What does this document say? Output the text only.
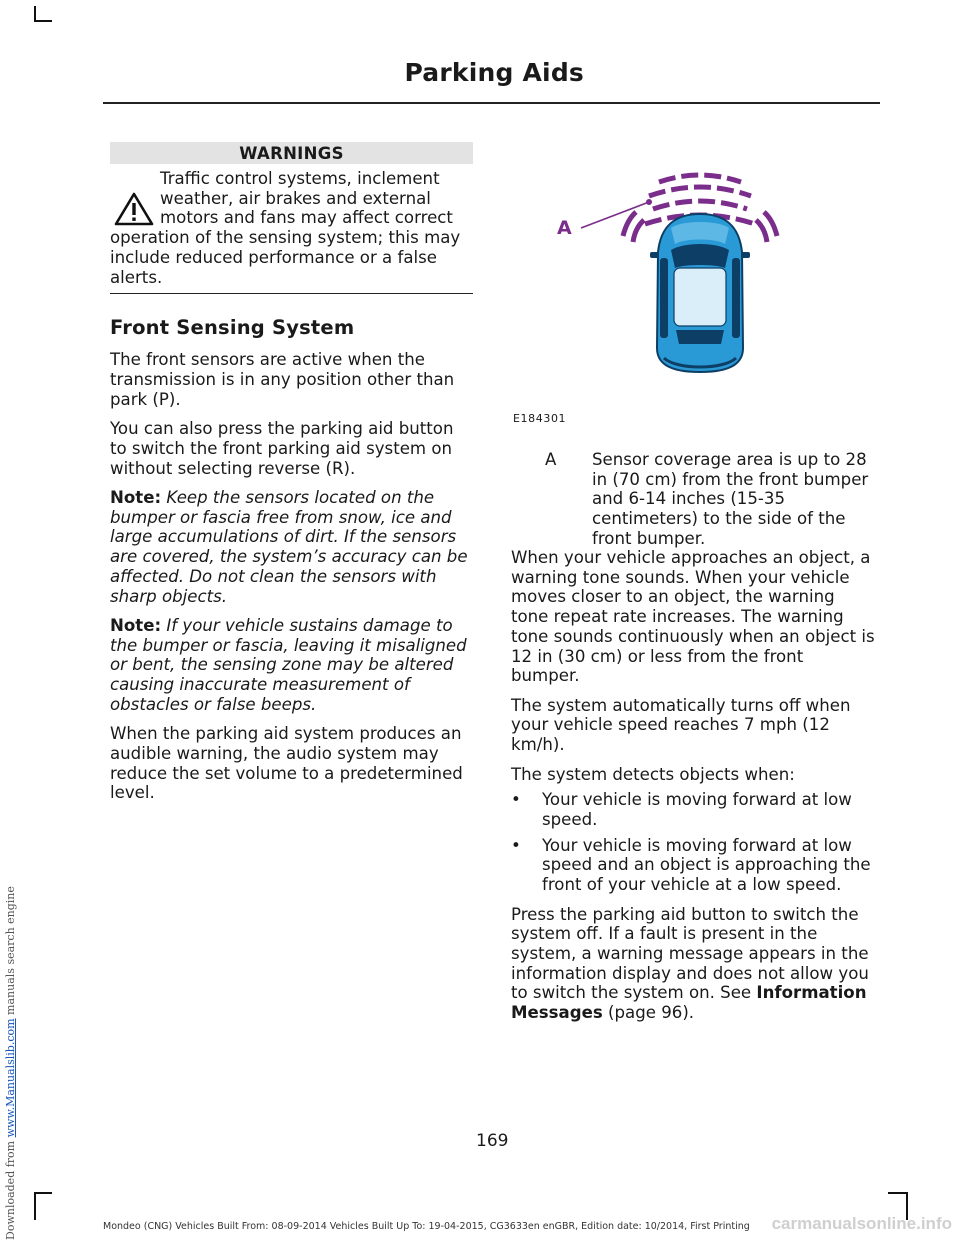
Parking Aids
WARNINGS
Traffic control systems, inclement weather, air brakes and external motors and fans may affect correct operation of the sensing system; this may include reduced performance or a false alerts.
Front Sensing System

The front sensors are active when the transmission is in any position other than park (P).

You can also press the parking aid button to switch the front parking aid system on without selecting reverse (R).

Note: Keep the sensors located on the bumper or fascia free from snow, ice and large accumulations of dirt. If the sensors are covered, the system’s accuracy can be affected. Do not clean the sensors with sharp objects.

Note: If your vehicle sustains damage to the bumper or fascia, leaving it misaligned or bent, the sensing zone may be altered causing inaccurate measurement of obstacles or false beeps.

When the parking aid system produces an audible warning, the audio system may reduce the set volume to a predetermined level.

A
E184301
A Sensor coverage area is up to 28 in (70 cm) from the front bumper and 6-14 inches (15-35 centimeters) to the side of the front bumper.

When your vehicle approaches an object, a warning tone sounds. When your vehicle moves closer to an object, the warning tone repeat rate increases. The warning tone sounds continuously when an object is 12 in (30 cm) or less from the front bumper.

The system automatically turns off when your vehicle speed reaches 7 mph (12 km/h).

The system detects objects when:

• Your vehicle is moving forward at low speed.
• Your vehicle is moving forward at low speed and an object is approaching the front of your vehicle at a low speed.

Press the parking aid button to switch the system off. If a fault is present in the system, a warning message appears in the information display and does not allow you to switch the system on. See Information Messages (page 96).

169
Mondeo (CNG) Vehicles Built From: 08-09-2014 Vehicles Built Up To: 19-04-2015, CG3633en enGBR, Edition date: 10/2014, First Printing
Downloaded from www.Manualslib.com manuals search engine
carmanualsonline.info
